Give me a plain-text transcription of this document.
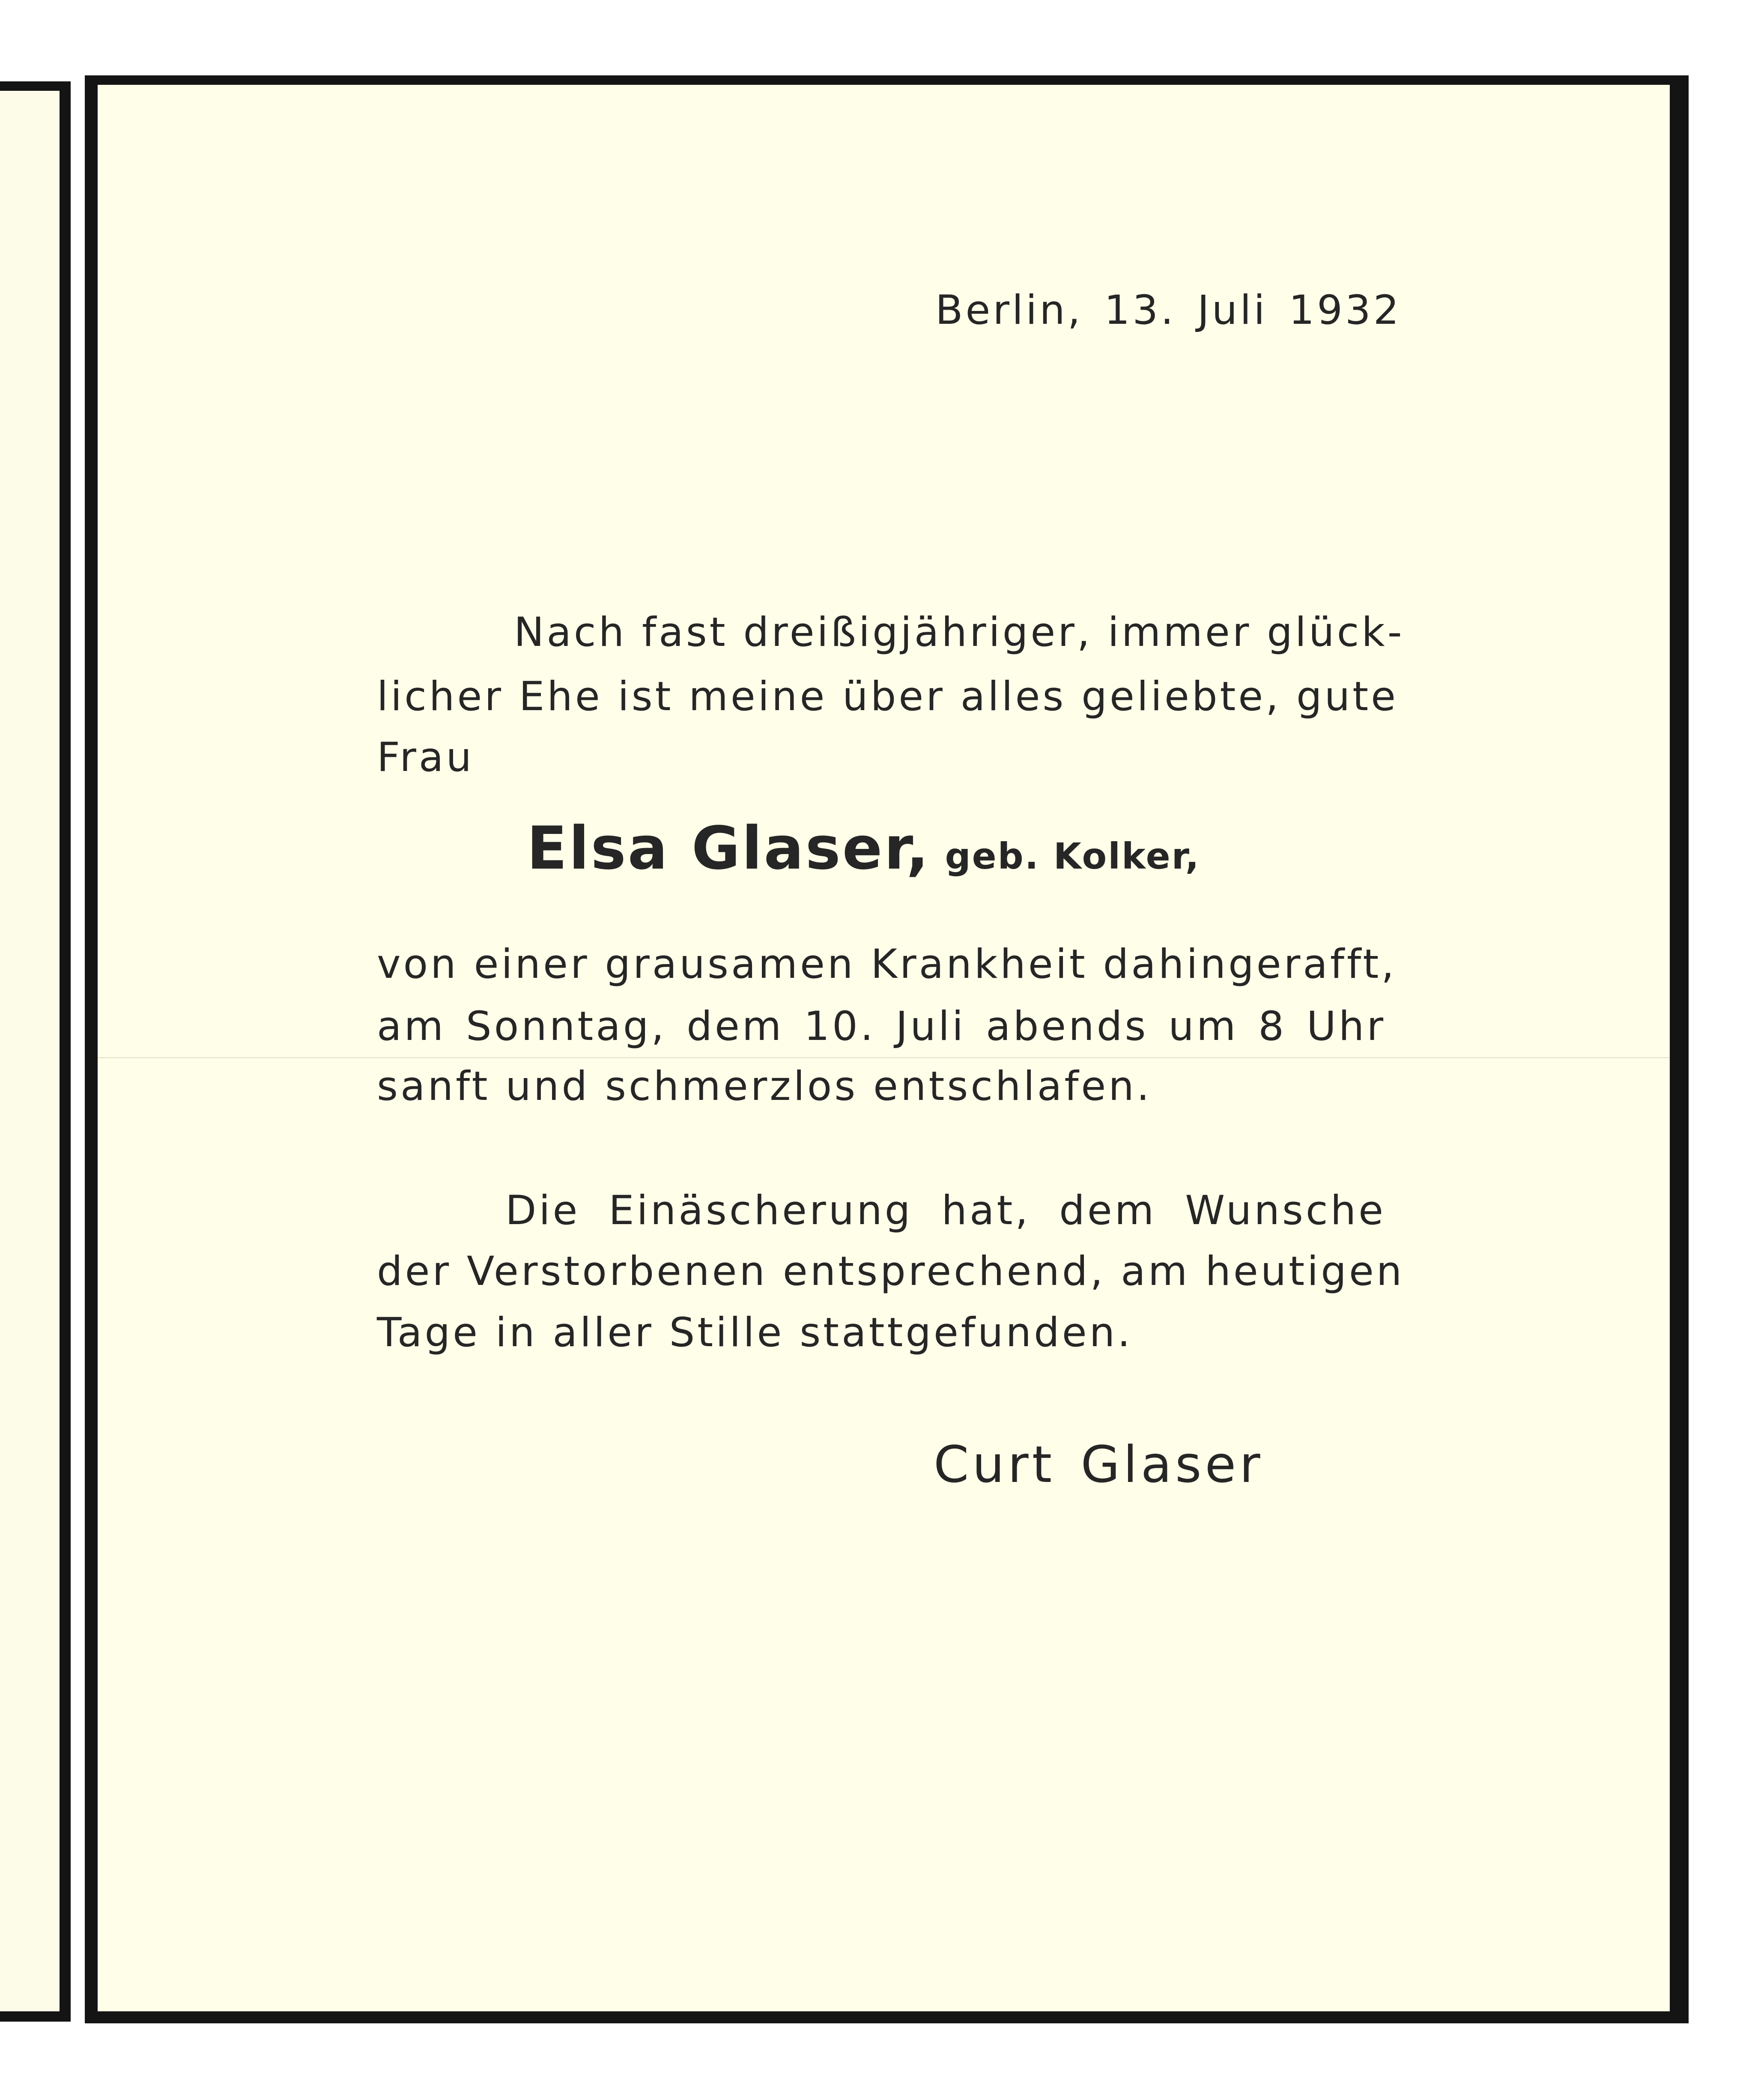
Berlin, 13. Juli 1932
Nach fast dreißigjähriger, immer glück-
licher Ehe ist meine über alles geliebte, gute
Frau
Elsa Glaser, geb. Kolker,
von einer grausamen Krankheit dahingerafft,
am Sonntag, dem 10. Juli abends um 8 Uhr
sanft und schmerzlos entschlafen.
Die Einäscherung hat, dem Wunsche
der Verstorbenen entsprechend, am heutigen
Tage in aller Stille stattgefunden.
Curt Glaser
